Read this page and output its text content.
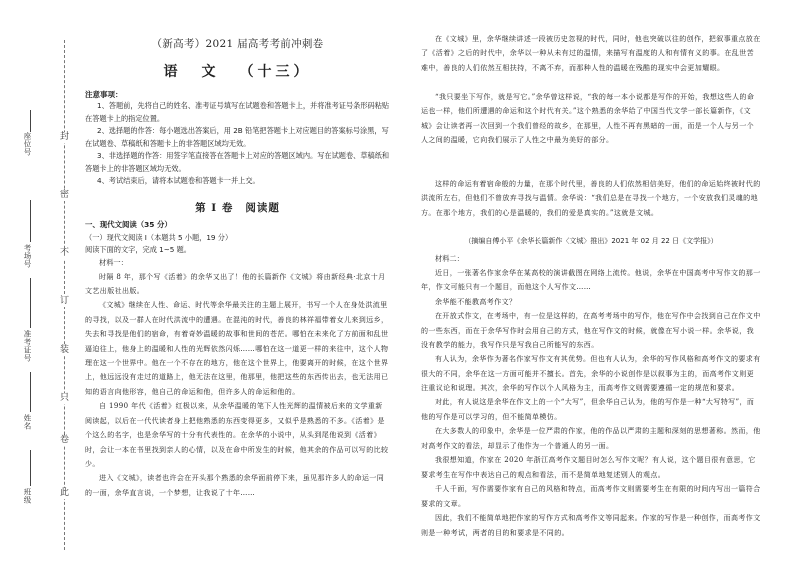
封
密
不
订
装
只
卷
此
座位号
考场号
准考证号
姓名
班级
（新高考）2021 届高考考前冲刺卷
语 文 （十三）
注意事项：

1、答题前，先将自己的姓名、准考证号填写在试题卷和答题卡上，并将准考证号条形码粘贴在答题卡上的指定位置。

2、选择题的作答：每小题选出答案后，用 2B 铅笔把答题卡上对应题目的答案标号涂黑，写在试题卷、草稿纸和答题卡上的非答题区域均无效。

3、非选择题的作答：用签字笔直接答在答题卡上对应的答题区域内。写在试题卷、草稿纸和答题卡上的非答题区域均无效。

4、考试结束后，请将本试题卷和答题卡一并上交。

第 I 卷 阅读题
一、现代文阅读（35 分）
（一）现代文阅读 I（本题共 5 小题，19 分）
阅读下面的文字，完成 1~5 题。
材料一：

时隔 8 年，那个写《活着》的余华又出了！他的长篇新作《文城》将由新经典·北京十月文艺出版社出版。

《文城》继续在人性、命运、时代等余华最关注的主题上展开，书写一个人在身处洪流里的寻找，以及一群人在时代洪流中的遭遇。在混沌的时代，善良的林祥福带着女儿来到远乡，失去和寻找是他们的宿命，有着奇妙温暖的故事和世间的苍茫。哪怕在未来化了方前面和乱世逼迫往上，他身上的温暖和人性的光辉依然闪烁……哪怕在这一道更一样的来往中，这个人物理在这一个世界中。他在一个不存在的地方，他在这个世界上，他要离开的时候，在这个世界上，他远远没有走过的道路上，他无法在这里，他那里，他把这些的东西传出去，也无法用已知的语言向他形容，他自己的命运和他，但许多人的命运和他的。

自 1990 年代《活着》红极以来，从余华温暖的笔下人性光辉的温情被后来的文学重新阅读起，以后在一代代读者身上把他熟悉的东西变得更多，又似乎是熟悉的不多。《活着》是个这么的名字，也是余华写的十分有代表性的。在余华的小说中，从头到尾他说到《活着》时，会让一本在书里找到亲人的心情，以及在命中所发生的时候，他其余的作品可以写的比较少。

进入《文城》，读者也许会在开头那个熟悉的余华面前停下来，虽见那许多人的命运一同的一面，余华直言说，一个梦想，让我说了十年……

在《文城》里，余华继续讲述一段被历史忽视的时代，同时，他也突破以往的创作，把叙事重点放在了《活着》之后的时代中，余华以一种从未有过的温情，来描写有温度的人和有情有义的事。在乱世苦难中，善良的人们依然互相扶持，不离不弃，而那种人性的温暖在残酷的现实中会更加耀眼。

“我只要坐下写作，就是写它。”余华曾这样说，“我的每一本小说都是写作的开始，我想这些人的命运也一样，他们所遭遇的命运和这个时代有关。”这个熟悉的余华给了中国当代文学一部长篇新作，《文城》会让读者再一次回到一个我们曾经的故乡，在那里，人性不再有黑暗的一面，而是一个人与另一个人之间的温暖，它向我们展示了人性之中最为美好的部分。

这样的命运有着宿命般的力量，在那个时代里，善良的人们依然相信美好，他们的命运始终被时代的洪流所左右，但他们不曾放弃寻找与温情。余华说：“我们总是在寻找一个地方，一个安放我们灵魂的地方。在那个地方，我们的心是温暖的，我们的爱是真实的。”这就是文城。

（摘编自傅小平《余华长篇新作〈文城〉推出》2021 年 02 月 22 日《文学报》）
材料二：

近日，一张著名作家余华在某高校的演讲截图在网络上流传。他说，余华在中国高考中写作文的那一年，作文可能只有一个题目，而他这个人写作文……

余华能不能教高考作文？

在开放式作文，在考场中，有一位是这样的，在高考考场中的写作，他在写作中会找到自己在作文中的一些东西，而在于余华写作时会用自己的方式，他在写作文的时候，就像在写小说一样。余华说，我没有教学的能力，我写作只是写我自己所能写的东西。

有人认为，余华作为著名作家写作文有其优势。但也有人认为，余华的写作风格和高考作文的要求有很大的不同，余华在这一方面可能并不擅长。首先，余华的小说创作是以叙事为主的，而高考作文则更注重议论和说理。其次，余华的写作以个人风格为主，而高考作文则需要遵循一定的规范和要求。

对此，有人说这是余华在作文上的一个“大写”，但余华自己认为，他的写作是一种“大写特写”，而他的写作是可以学习的，但不能简单模仿。

在大多数人的印象中，余华是一位严肃的作家，他的作品以严肃的主题和深刻的思想著称。然而，他对高考作文的看法，却显示了他作为一个普通人的另一面。

我很想知道，作家在 2020 年浙江高考作文题目时怎么写作文呢？有人说，这个题目很有意思，它要求考生在写作中表达自己的观点和看法，而不是简单地复述别人的观点。

千人千面，写作需要作家有自己的风格和特点，而高考作文则需要考生在有限的时间内写出一篇符合要求的文章。

因此，我们不能简单地把作家的写作方式和高考作文等同起来。作家的写作是一种创作，而高考作文则是一种考试，两者的目的和要求是不同的。
